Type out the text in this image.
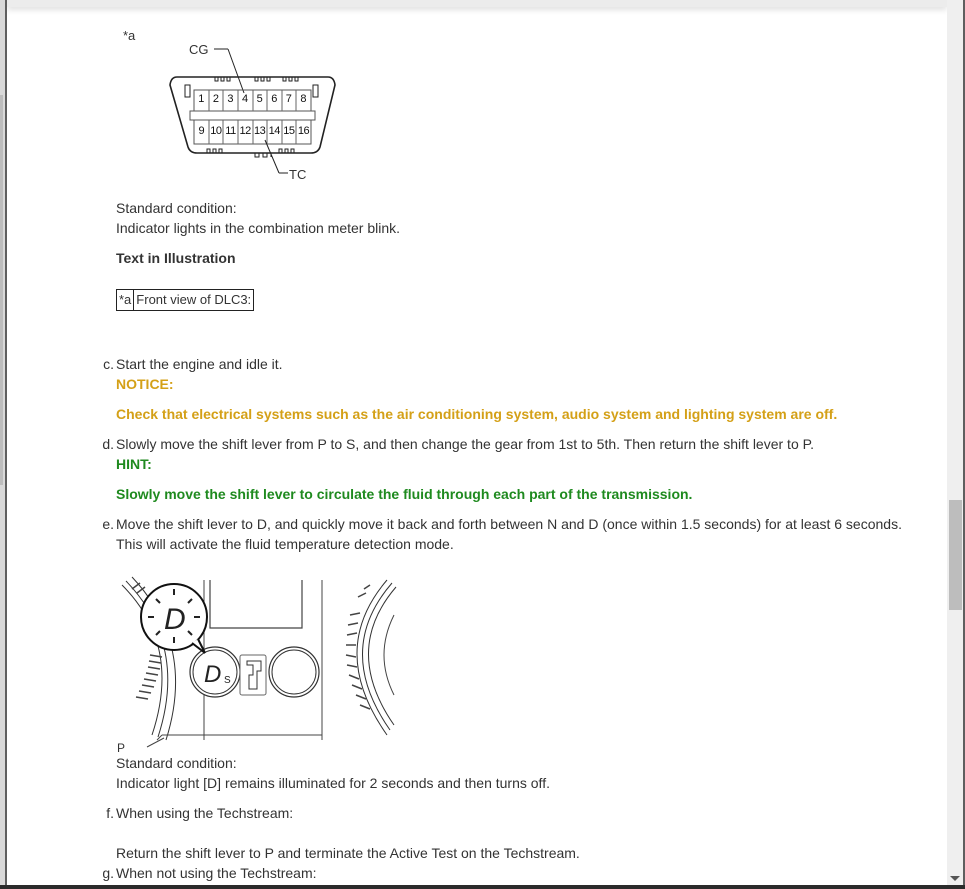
*a
CG
TC
1 2 3 4 5 6 7 8
9 10 11 12 13 14 15 16
Standard condition:
Indicator lights in the combination meter blink.
Text in Illustration
*a	Front view of DLC3:
c. Start the engine and idle it.
NOTICE:
Check that electrical systems such as the air conditioning system, audio system and lighting system are off.
d. Slowly move the shift lever from P to S, and then change the gear from 1st to 5th. Then return the shift lever to P.
HINT:
Slowly move the shift lever to circulate the fluid through each part of the transmission.
e. Move the shift lever to D, and quickly move it back and forth between N and D (once within 1.5 seconds) for at least 6 seconds.
This will activate the fluid temperature detection mode.
D S
D
P
Standard condition:
Indicator light [D] remains illuminated for 2 seconds and then turns off.
f. When using the Techstream:
Return the shift lever to P and terminate the Active Test on the Techstream.
g. When not using the Techstream:
